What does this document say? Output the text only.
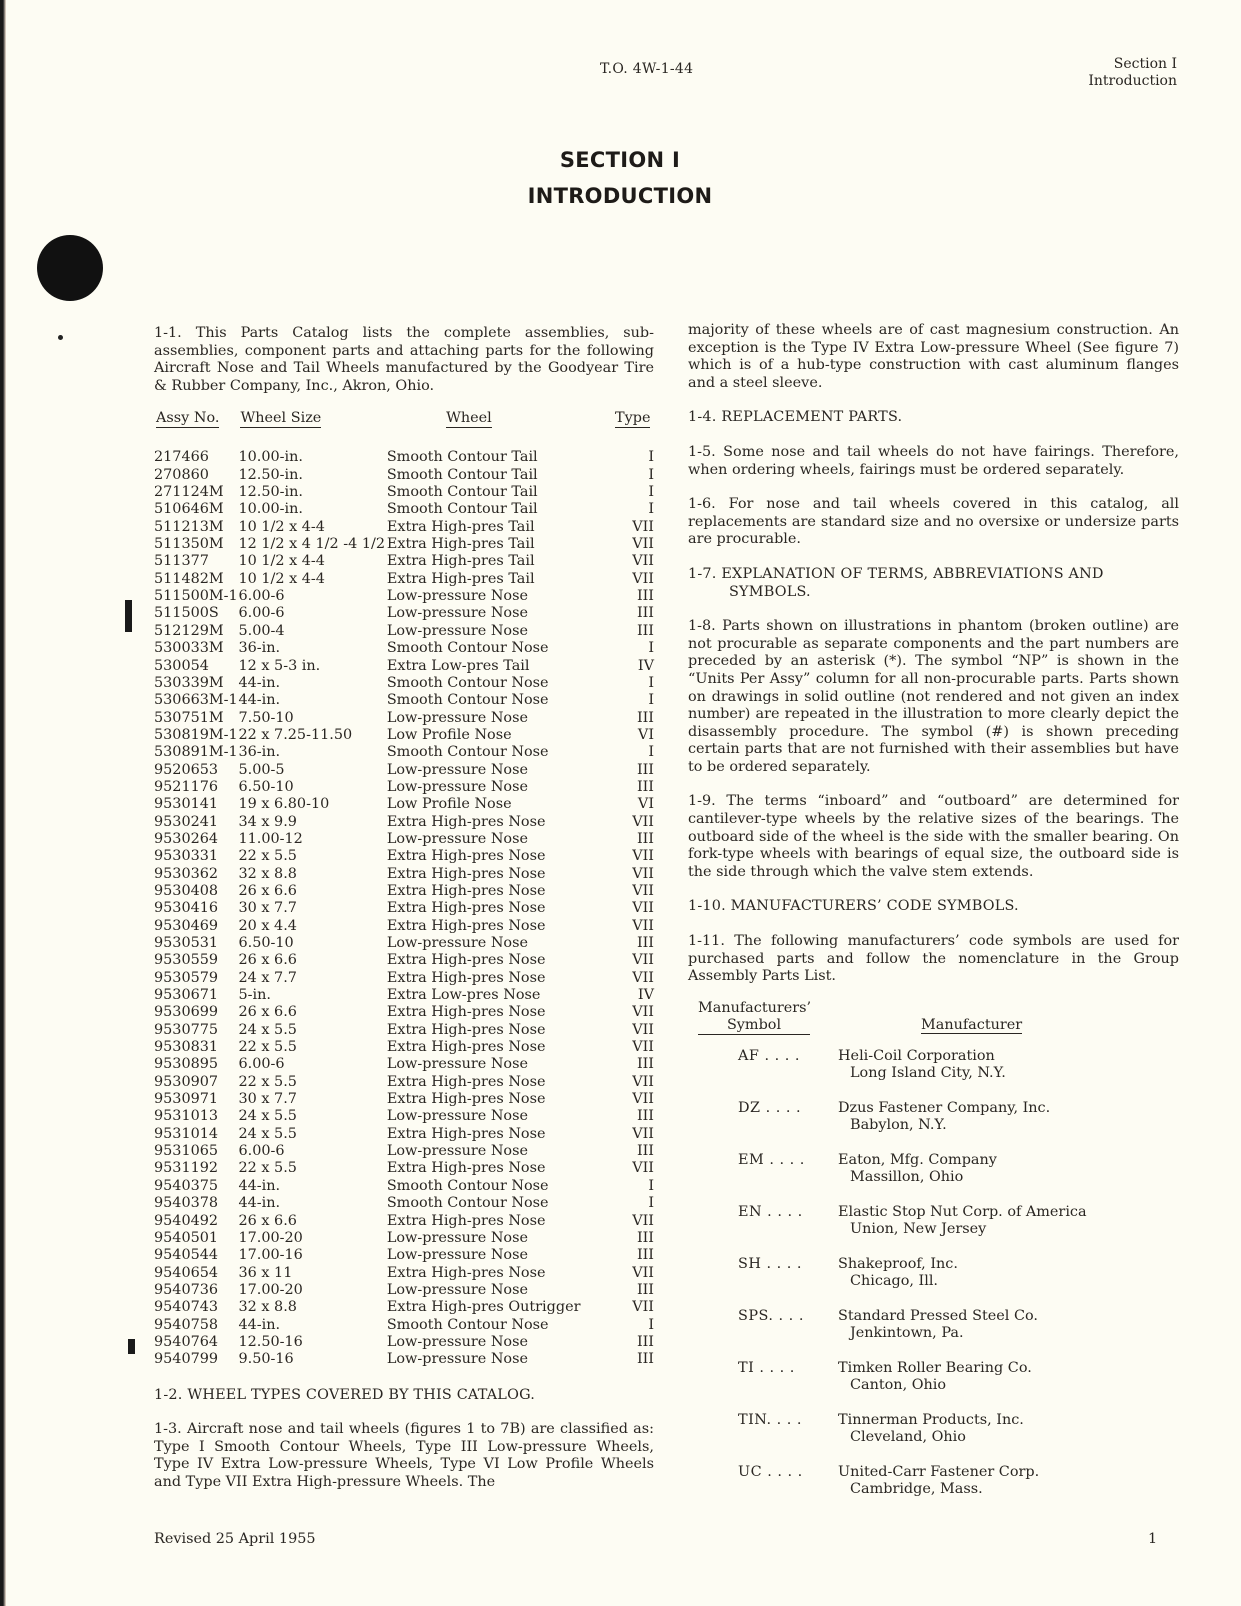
T.O. 4W-1-44	Section I
Introduction
SECTION I
INTRODUCTION

1-1. This Parts Catalog lists the complete assemblies, sub-assemblies, component parts and attaching parts for the following Aircraft Nose and Tail Wheels manufactured by the Goodyear Tire & Rubber Company, Inc., Akron, Ohio.

Assy No.	Wheel Size	Wheel	Type
217466	10.00-in.	Smooth Contour Tail	I
270860	12.50-in.	Smooth Contour Tail	I
271124M	12.50-in.	Smooth Contour Tail	I
510646M	10.00-in.	Smooth Contour Tail	I
511213M	10 1/2 x 4-4	Extra High-pres Tail	VII
511350M	12 1/2 x 4 1/2 -4 1/2	Extra High-pres Tail	VII
511377	10 1/2 x 4-4	Extra High-pres Tail	VII
511482M	10 1/2 x 4-4	Extra High-pres Tail	VII
511500M-1	6.00-6	Low-pressure Nose	III
511500S	6.00-6	Low-pressure Nose	III
512129M	5.00-4	Low-pressure Nose	III
530033M	36-in.	Smooth Contour Nose	I
530054	12 x 5-3 in.	Extra Low-pres Tail	IV
530339M	44-in.	Smooth Contour Nose	I
530663M-1	44-in.	Smooth Contour Nose	I
530751M	7.50-10	Low-pressure Nose	III
530819M-1	22 x 7.25-11.50	Low Profile Nose	VI
530891M-1	36-in.	Smooth Contour Nose	I
9520653	5.00-5	Low-pressure Nose	III
9521176	6.50-10	Low-pressure Nose	III
9530141	19 x 6.80-10	Low Profile Nose	VI
9530241	34 x 9.9	Extra High-pres Nose	VII
9530264	11.00-12	Low-pressure Nose	III
9530331	22 x 5.5	Extra High-pres Nose	VII
9530362	32 x 8.8	Extra High-pres Nose	VII
9530408	26 x 6.6	Extra High-pres Nose	VII
9530416	30 x 7.7	Extra High-pres Nose	VII
9530469	20 x 4.4	Extra High-pres Nose	VII
9530531	6.50-10	Low-pressure Nose	III
9530559	26 x 6.6	Extra High-pres Nose	VII
9530579	24 x 7.7	Extra High-pres Nose	VII
9530671	5-in.	Extra Low-pres Nose	IV
9530699	26 x 6.6	Extra High-pres Nose	VII
9530775	24 x 5.5	Extra High-pres Nose	VII
9530831	22 x 5.5	Extra High-pres Nose	VII
9530895	6.00-6	Low-pressure Nose	III
9530907	22 x 5.5	Extra High-pres Nose	VII
9530971	30 x 7.7	Extra High-pres Nose	VII
9531013	24 x 5.5	Low-pressure Nose	III
9531014	24 x 5.5	Extra High-pres Nose	VII
9531065	6.00-6	Low-pressure Nose	III
9531192	22 x 5.5	Extra High-pres Nose	VII
9540375	44-in.	Smooth Contour Nose	I
9540378	44-in.	Smooth Contour Nose	I
9540492	26 x 6.6	Extra High-pres Nose	VII
9540501	17.00-20	Low-pressure Nose	III
9540544	17.00-16	Low-pressure Nose	III
9540654	36 x 11	Extra High-pres Nose	VII
9540736	17.00-20	Low-pressure Nose	III
9540743	32 x 8.8	Extra High-pres Outrigger	VII
9540758	44-in.	Smooth Contour Nose	I
9540764	12.50-16	Low-pressure Nose	III
9540799	9.50-16	Low-pressure Nose	III
1-2. WHEEL TYPES COVERED BY THIS CATALOG.

1-3. Aircraft nose and tail wheels (figures 1 to 7B) are classified as: Type I Smooth Contour Wheels, Type III Low-pressure Wheels, Type IV Extra Low-pressure Wheels, Type VI Low Profile Wheels and Type VII Extra High-pressure Wheels. The

majority of these wheels are of cast magnesium construction. An exception is the Type IV Extra Low-pressure Wheel (See figure 7) which is of a hub-type construction with cast aluminum flanges and a steel sleeve.

1-4. REPLACEMENT PARTS.

1-5. Some nose and tail wheels do not have fairings. Therefore, when ordering wheels, fairings must be ordered separately.

1-6. For nose and tail wheels covered in this catalog, all replacements are standard size and no oversixe or undersize parts are procurable.

1-7. EXPLANATION OF TERMS, ABBREVIATIONS AND
SYMBOLS.

1-8. Parts shown on illustrations in phantom (broken outline) are not procurable as separate components and the part numbers are preceded by an asterisk (*). The symbol “NP” is shown in the “Units Per Assy” column for all non-procurable parts. Parts shown on drawings in solid outline (not rendered and not given an index number) are repeated in the illustration to more clearly depict the disassembly procedure. The symbol (#) is shown preceding certain parts that are not furnished with their assemblies but have to be ordered separately.

1-9. The terms “inboard” and “outboard” are determined for cantilever-type wheels by the relative sizes of the bearings. The outboard side of the wheel is the side with the smaller bearing. On fork-type wheels with bearings of equal size, the outboard side is the side through which the valve stem extends.

1-10. MANUFACTURERS’ CODE SYMBOLS.

1-11. The following manufacturers’ code symbols are used for purchased parts and follow the nomenclature in the Group Assembly Parts List.

Manufacturers’
Symbol	Manufacturer
AF . . . .	Heli-Coil Corporation
Long Island City, N.Y.
DZ . . . .	Dzus Fastener Company, Inc.
Babylon, N.Y.
EM . . . .	Eaton, Mfg. Company
Massillon, Ohio
EN . . . .	Elastic Stop Nut Corp. of America
Union, New Jersey
SH . . . .	Shakeproof, Inc.
Chicago, Ill.
SPS. . . .	Standard Pressed Steel Co.
Jenkintown, Pa.
TI . . . .	Timken Roller Bearing Co.
Canton, Ohio
TIN. . . .	Tinnerman Products, Inc.
Cleveland, Ohio
UC . . . .	United-Carr Fastener Corp.
Cambridge, Mass.
Revised 25 April 1955	1
